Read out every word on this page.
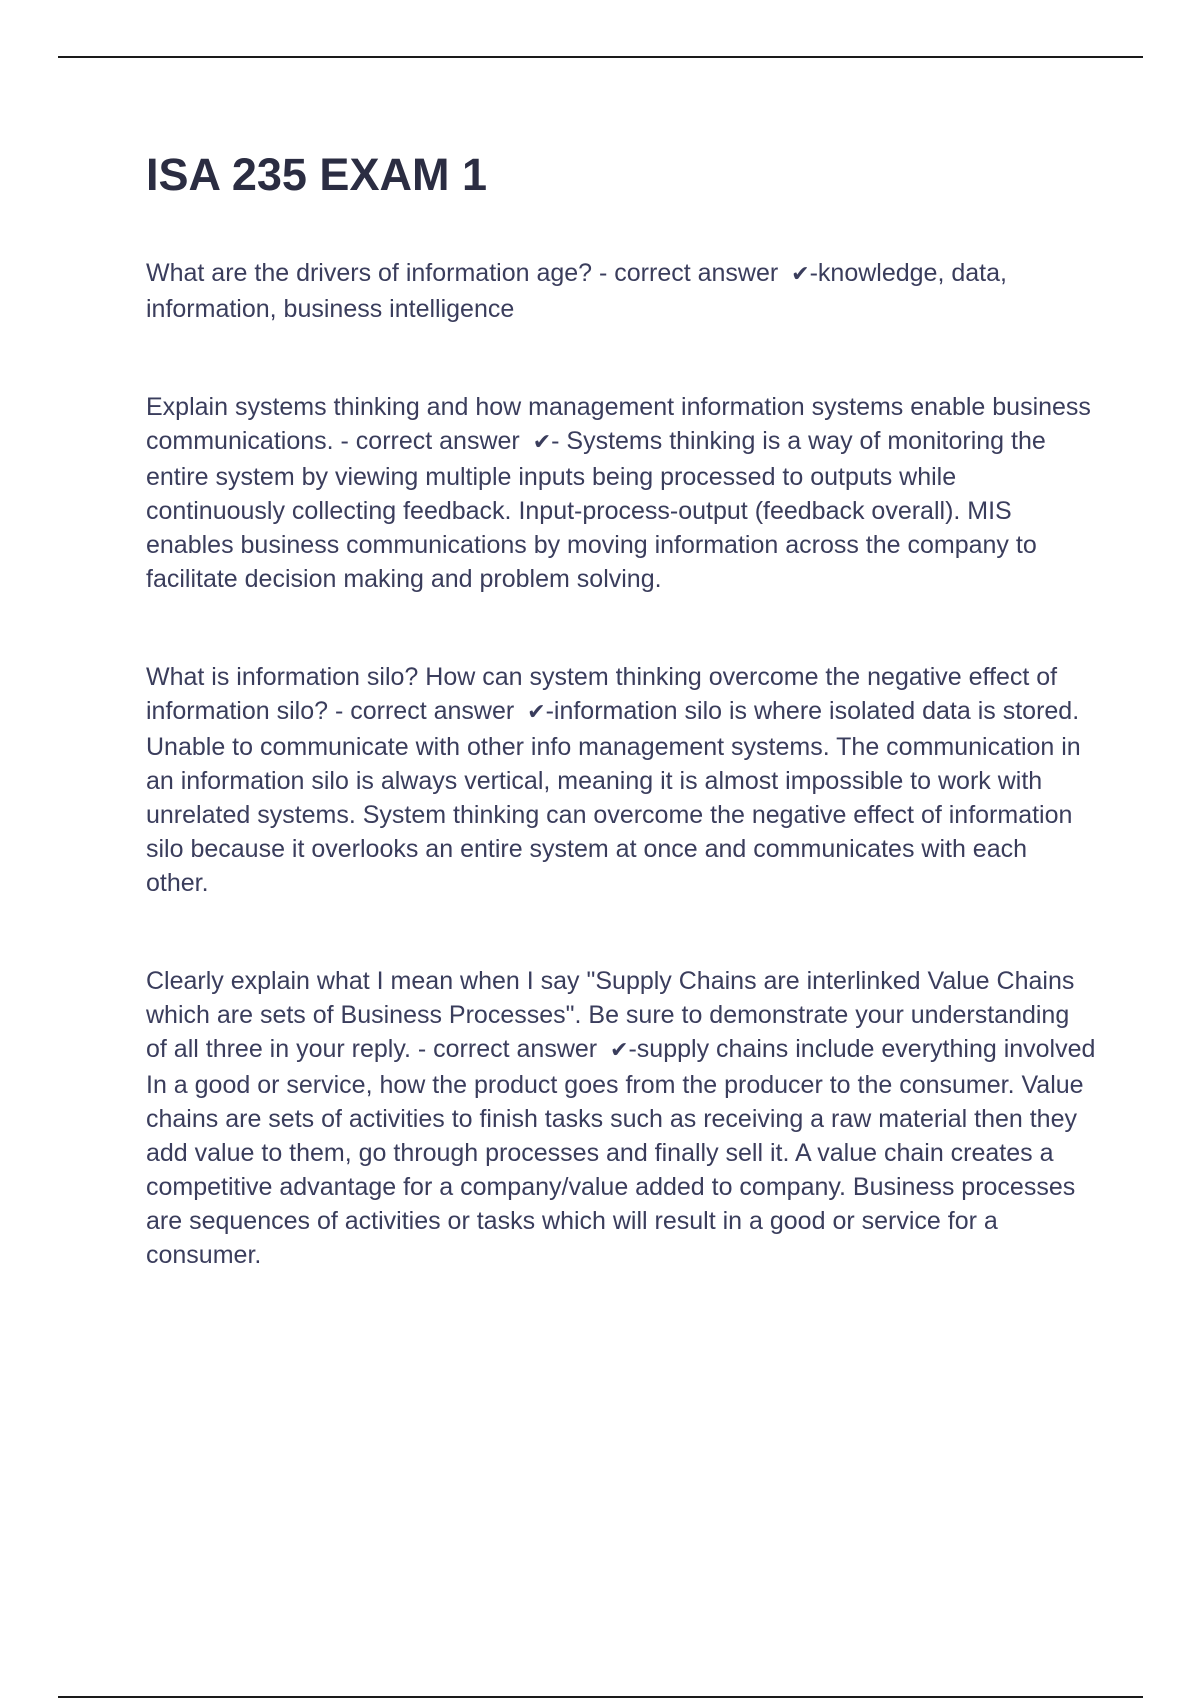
ISA 235 EXAM 1

What are the drivers of information age? - correct answer ✔-knowledge, data, information, business intelligence

Explain systems thinking and how management information systems enable business communications. - correct answer ✔- Systems thinking is a way of monitoring the entire system by viewing multiple inputs being processed to outputs while continuously collecting feedback. Input-process-output (feedback overall). MIS enables business communications by moving information across the company to facilitate decision making and problem solving.

What is information silo? How can system thinking overcome the negative effect of information silo? - correct answer ✔-information silo is where isolated data is stored. Unable to communicate with other info management systems. The communication in an information silo is always vertical, meaning it is almost impossible to work with unrelated systems. System thinking can overcome the negative effect of information silo because it overlooks an entire system at once and communicates with each other.

Clearly explain what I mean when I say "Supply Chains are interlinked Value Chains which are sets of Business Processes". Be sure to demonstrate your understanding of all three in your reply. - correct answer ✔-supply chains include everything involved In a good or service, how the product goes from the producer to the consumer. Value chains are sets of activities to finish tasks such as receiving a raw material then they add value to them, go through processes and finally sell it. A value chain creates a competitive advantage for a company/value added to company. Business processes are sequences of activities or tasks which will result in a good or service for a consumer.
